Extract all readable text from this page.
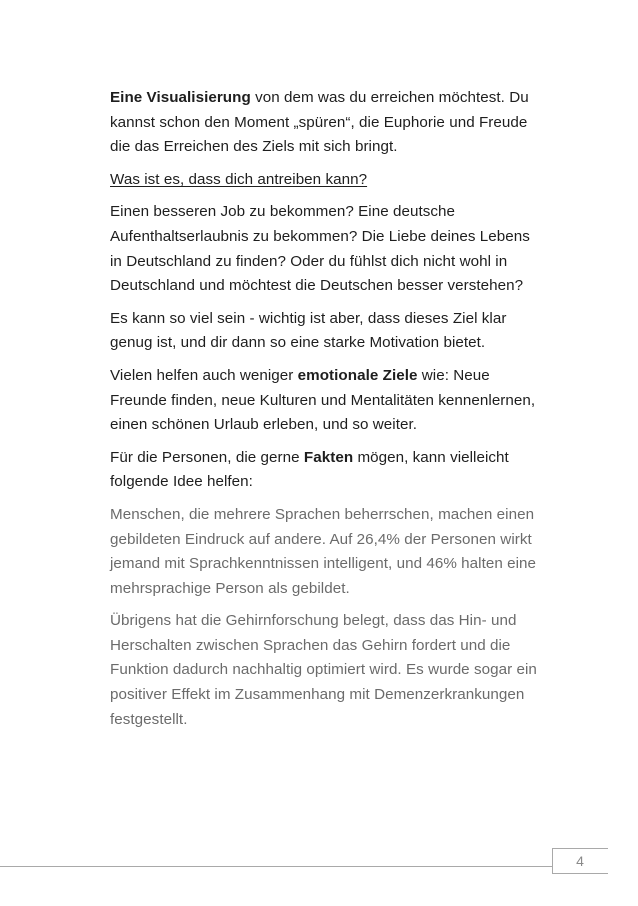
Eine Visualisierung von dem was du erreichen möchtest. Du kannst schon den Moment „spüren“, die Euphorie und Freude die das Erreichen des Ziels mit sich bringt.

Was ist es, dass dich antreiben kann?

Einen besseren Job zu bekommen? Eine deutsche Aufenthaltserlaubnis zu bekommen? Die Liebe deines Lebens in Deutschland zu finden? Oder du fühlst dich nicht wohl in Deutschland und möchtest die Deutschen besser verstehen?

Es kann so viel sein - wichtig ist aber, dass dieses Ziel klar genug ist, und dir dann so eine starke Motivation bietet.

Vielen helfen auch weniger emotionale Ziele wie: Neue Freunde finden, neue Kulturen und Mentalitäten kennenlernen, einen schönen Urlaub erleben, und so weiter.

Für die Personen, die gerne Fakten mögen, kann vielleicht folgende Idee helfen:

Menschen, die mehrere Sprachen beherrschen, machen einen gebildeten Eindruck auf andere. Auf 26,4% der Personen wirkt jemand mit Sprachkenntnissen intelligent, und 46% halten eine mehrsprachige Person als gebildet.

Übrigens hat die Gehirnforschung belegt, dass das Hin- und Herschalten zwischen Sprachen das Gehirn fordert und die Funktion dadurch nachhaltig optimiert wird. Es wurde sogar ein positiver Effekt im Zusammenhang mit Demenzerkrankungen festgestellt.

4
